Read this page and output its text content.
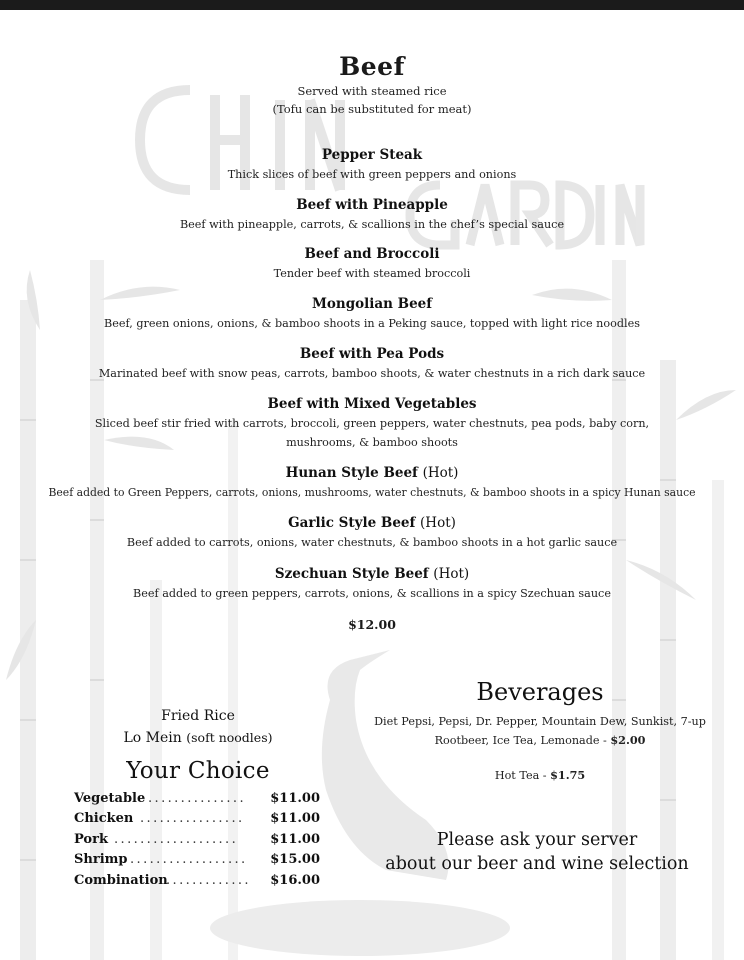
Beef
Served with steamed rice
(Tofu can be substituted for meat)
Pepper Steak
Thick slices of beef with green peppers and onions
Beef with Pineapple
Beef with pineapple, carrots, & scallions in the chef’s special sauce
Beef and Broccoli
Tender beef with steamed broccoli
Mongolian Beef
Beef, green onions, onions, & bamboo shoots in a Peking sauce, topped with light rice noodles
Beef with Pea Pods
Marinated beef with snow peas, carrots, bamboo shoots, & water chestnuts in a rich dark sauce
Beef with Mixed Vegetables
Sliced beef stir fried with carrots, broccoli, green peppers, water chestnuts, pea pods, baby corn,
mushrooms, & bamboo shoots
Hunan Style Beef (Hot)
Beef added to Green Peppers, carrots, onions, mushrooms, water chestnuts, & bamboo shoots in a spicy Hunan sauce
Garlic Style Beef (Hot)
Beef added to carrots, onions, water chestnuts, & bamboo shoots in a hot garlic sauce
Szechuan Style Beef (Hot)
Beef added to green peppers, carrots, onions, & scallions in a spicy Szechuan sauce
$12.00
Fried Rice
Lo Mein (soft noodles)
Your Choice
Vegetable ............... $11.00
Chicken ................ $11.00
Pork ................... $11.00
Shrimp .................. $15.00
Combination
............. $16.00
Beverages
Diet Pepsi, Pepsi, Dr. Pepper, Mountain Dew, Sunkist, 7-up
Rootbeer, Ice Tea, Lemonade - $2.00
Hot Tea - $1.75
Please ask your server
about our beer and wine selection
